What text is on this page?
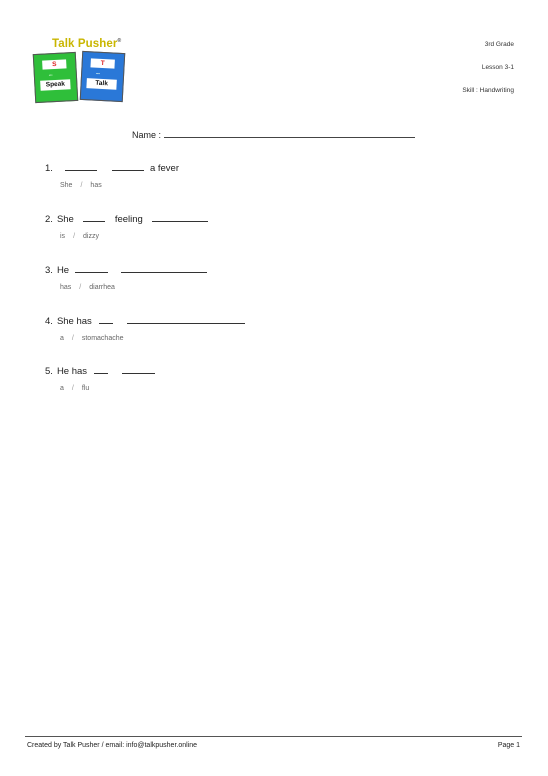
Talk Pusher®
S
•••
Speak
T
•••
Talk
3rd Grade
Lesson 3-1
Skill : Handwriting
Name :
1.	a fever
She / has
2. She	feeling
is / dizzy
3. He
has / diarrhea
4. She has
a / stomachache
5. He has
a / flu
Created by Talk Pusher / email: info@talkpusher.online	Page 1
